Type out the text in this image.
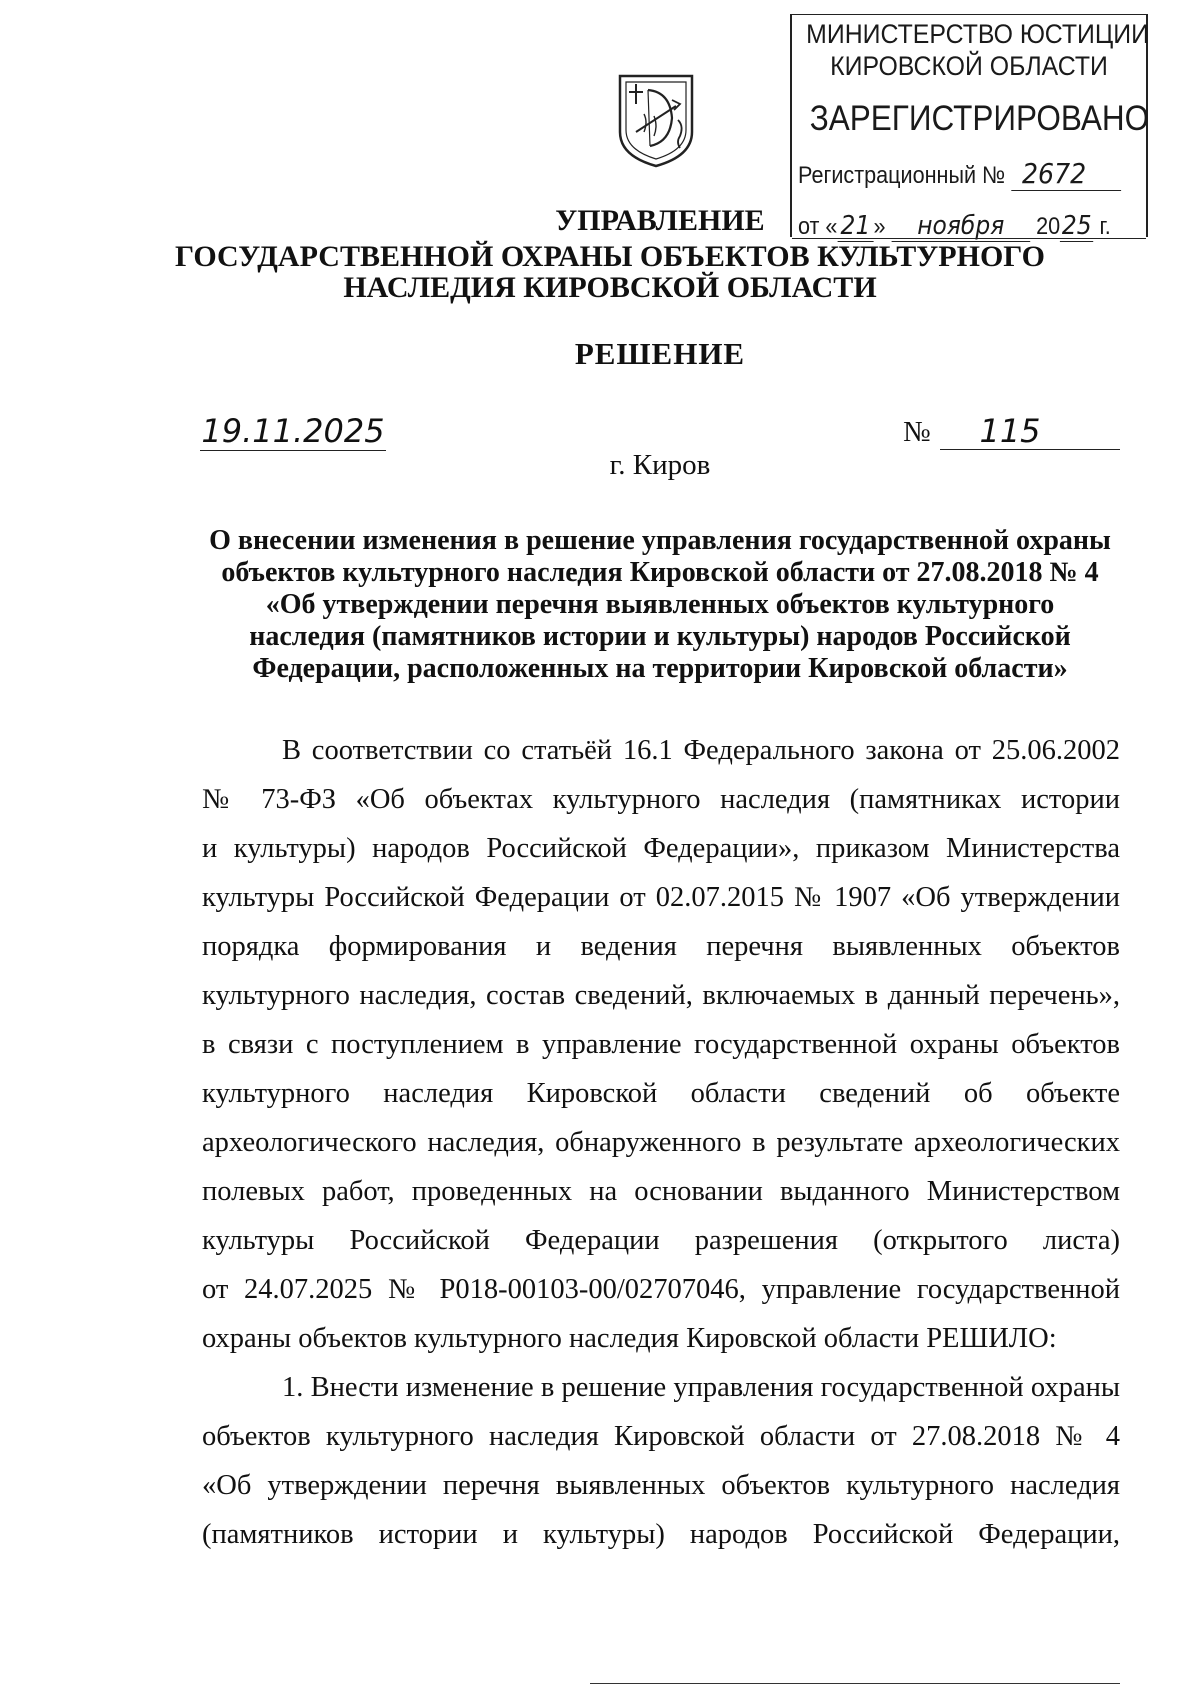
МИНИСТЕРСТВО ЮСТИЦИИ
КИРОВСКОЙ ОБЛАСТИ
ЗАРЕГИСТРИРОВАНО
Регистрационный № 2672
от « 21 » ноября 2025 г.
УПРАВЛЕНИЕ
ГОСУДАРСТВЕННОЙ ОХРАНЫ ОБЪЕКТОВ КУЛЬТУРНОГО
НАСЛЕДИЯ КИРОВСКОЙ ОБЛАСТИ
РЕШЕНИЕ
19.11.2025	№	115
г. Киров
О внесении изменения в решение управления государственной охраны
объектов культурного наследия Кировской области от 27.08.2018 № 4
«Об утверждении перечня выявленных объектов культурного
наследия (памятников истории и культуры) народов Российской
Федерации, расположенных на территории Кировской области»
В соответствии со статьёй 16.1 Федерального закона от 25.06.2002
№ 73-ФЗ «Об объектах культурного наследия (памятниках истории
и культуры) народов Российской Федерации», приказом Министерства
культуры Российской Федерации от 02.07.2015 № 1907 «Об утверждении
порядка формирования и ведения перечня выявленных объектов
культурного наследия, состав сведений, включаемых в данный перечень»,
в связи с поступлением в управление государственной охраны объектов
культурного наследия Кировской области сведений об объекте
археологического наследия, обнаруженного в результате археологических
полевых работ, проведенных на основании выданного Министерством
культуры Российской Федерации разрешения (открытого листа)
от 24.07.2025 № Р018-00103-00/02707046, управление государственной
охраны объектов культурного наследия Кировской области РЕШИЛО:
1. Внести изменение в решение управления государственной охраны
объектов культурного наследия Кировской области от 27.08.2018 № 4
«Об утверждении перечня выявленных объектов культурного наследия
(памятников истории и культуры) народов Российской Федерации,
